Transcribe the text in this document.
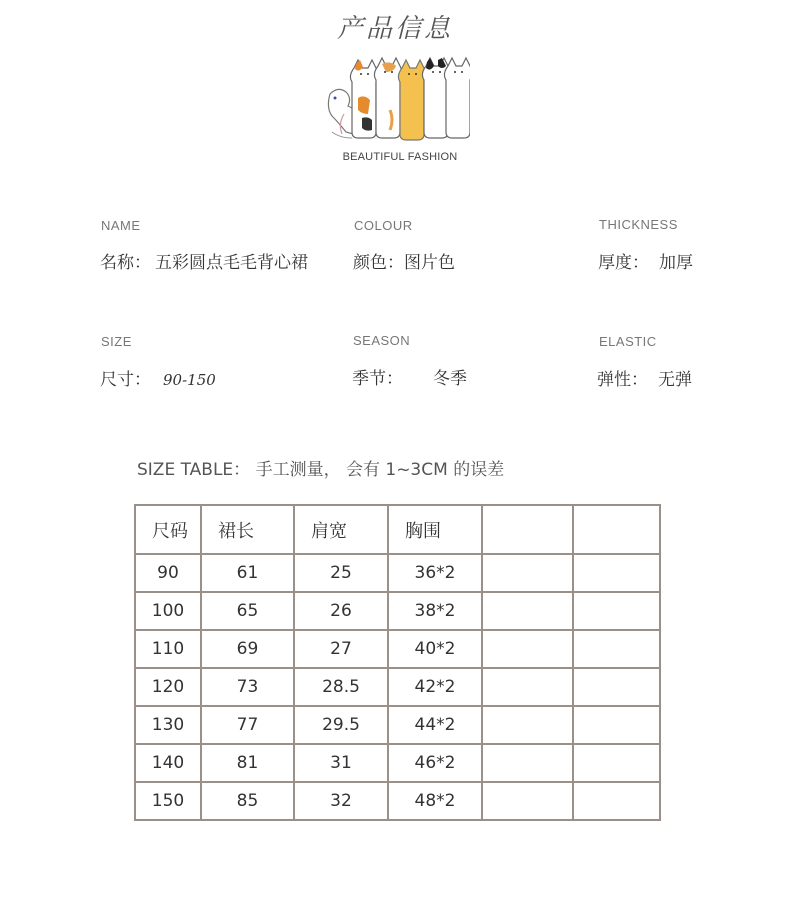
产品信息
BEAUTIFUL FASHION
NAME
名称： 五彩圆点毛毛背心裙
COLOUR
颜色：图片色
THICKNESS
厚度： 加厚
SIZE
尺寸： 90-150
SEASON
季节： 冬季
ELASTIC
弹性： 无弹
SIZE TABLE： 手工测量， 会有 1~3CM 的误差
尺码	裙长	肩宽	胸围		
90	61	25	36*2		
100	65	26	38*2		
110	69	27	40*2		
120	73	28.5	42*2		
130	77	29.5	44*2		
140	81	31	46*2		
150	85	32	48*2		
